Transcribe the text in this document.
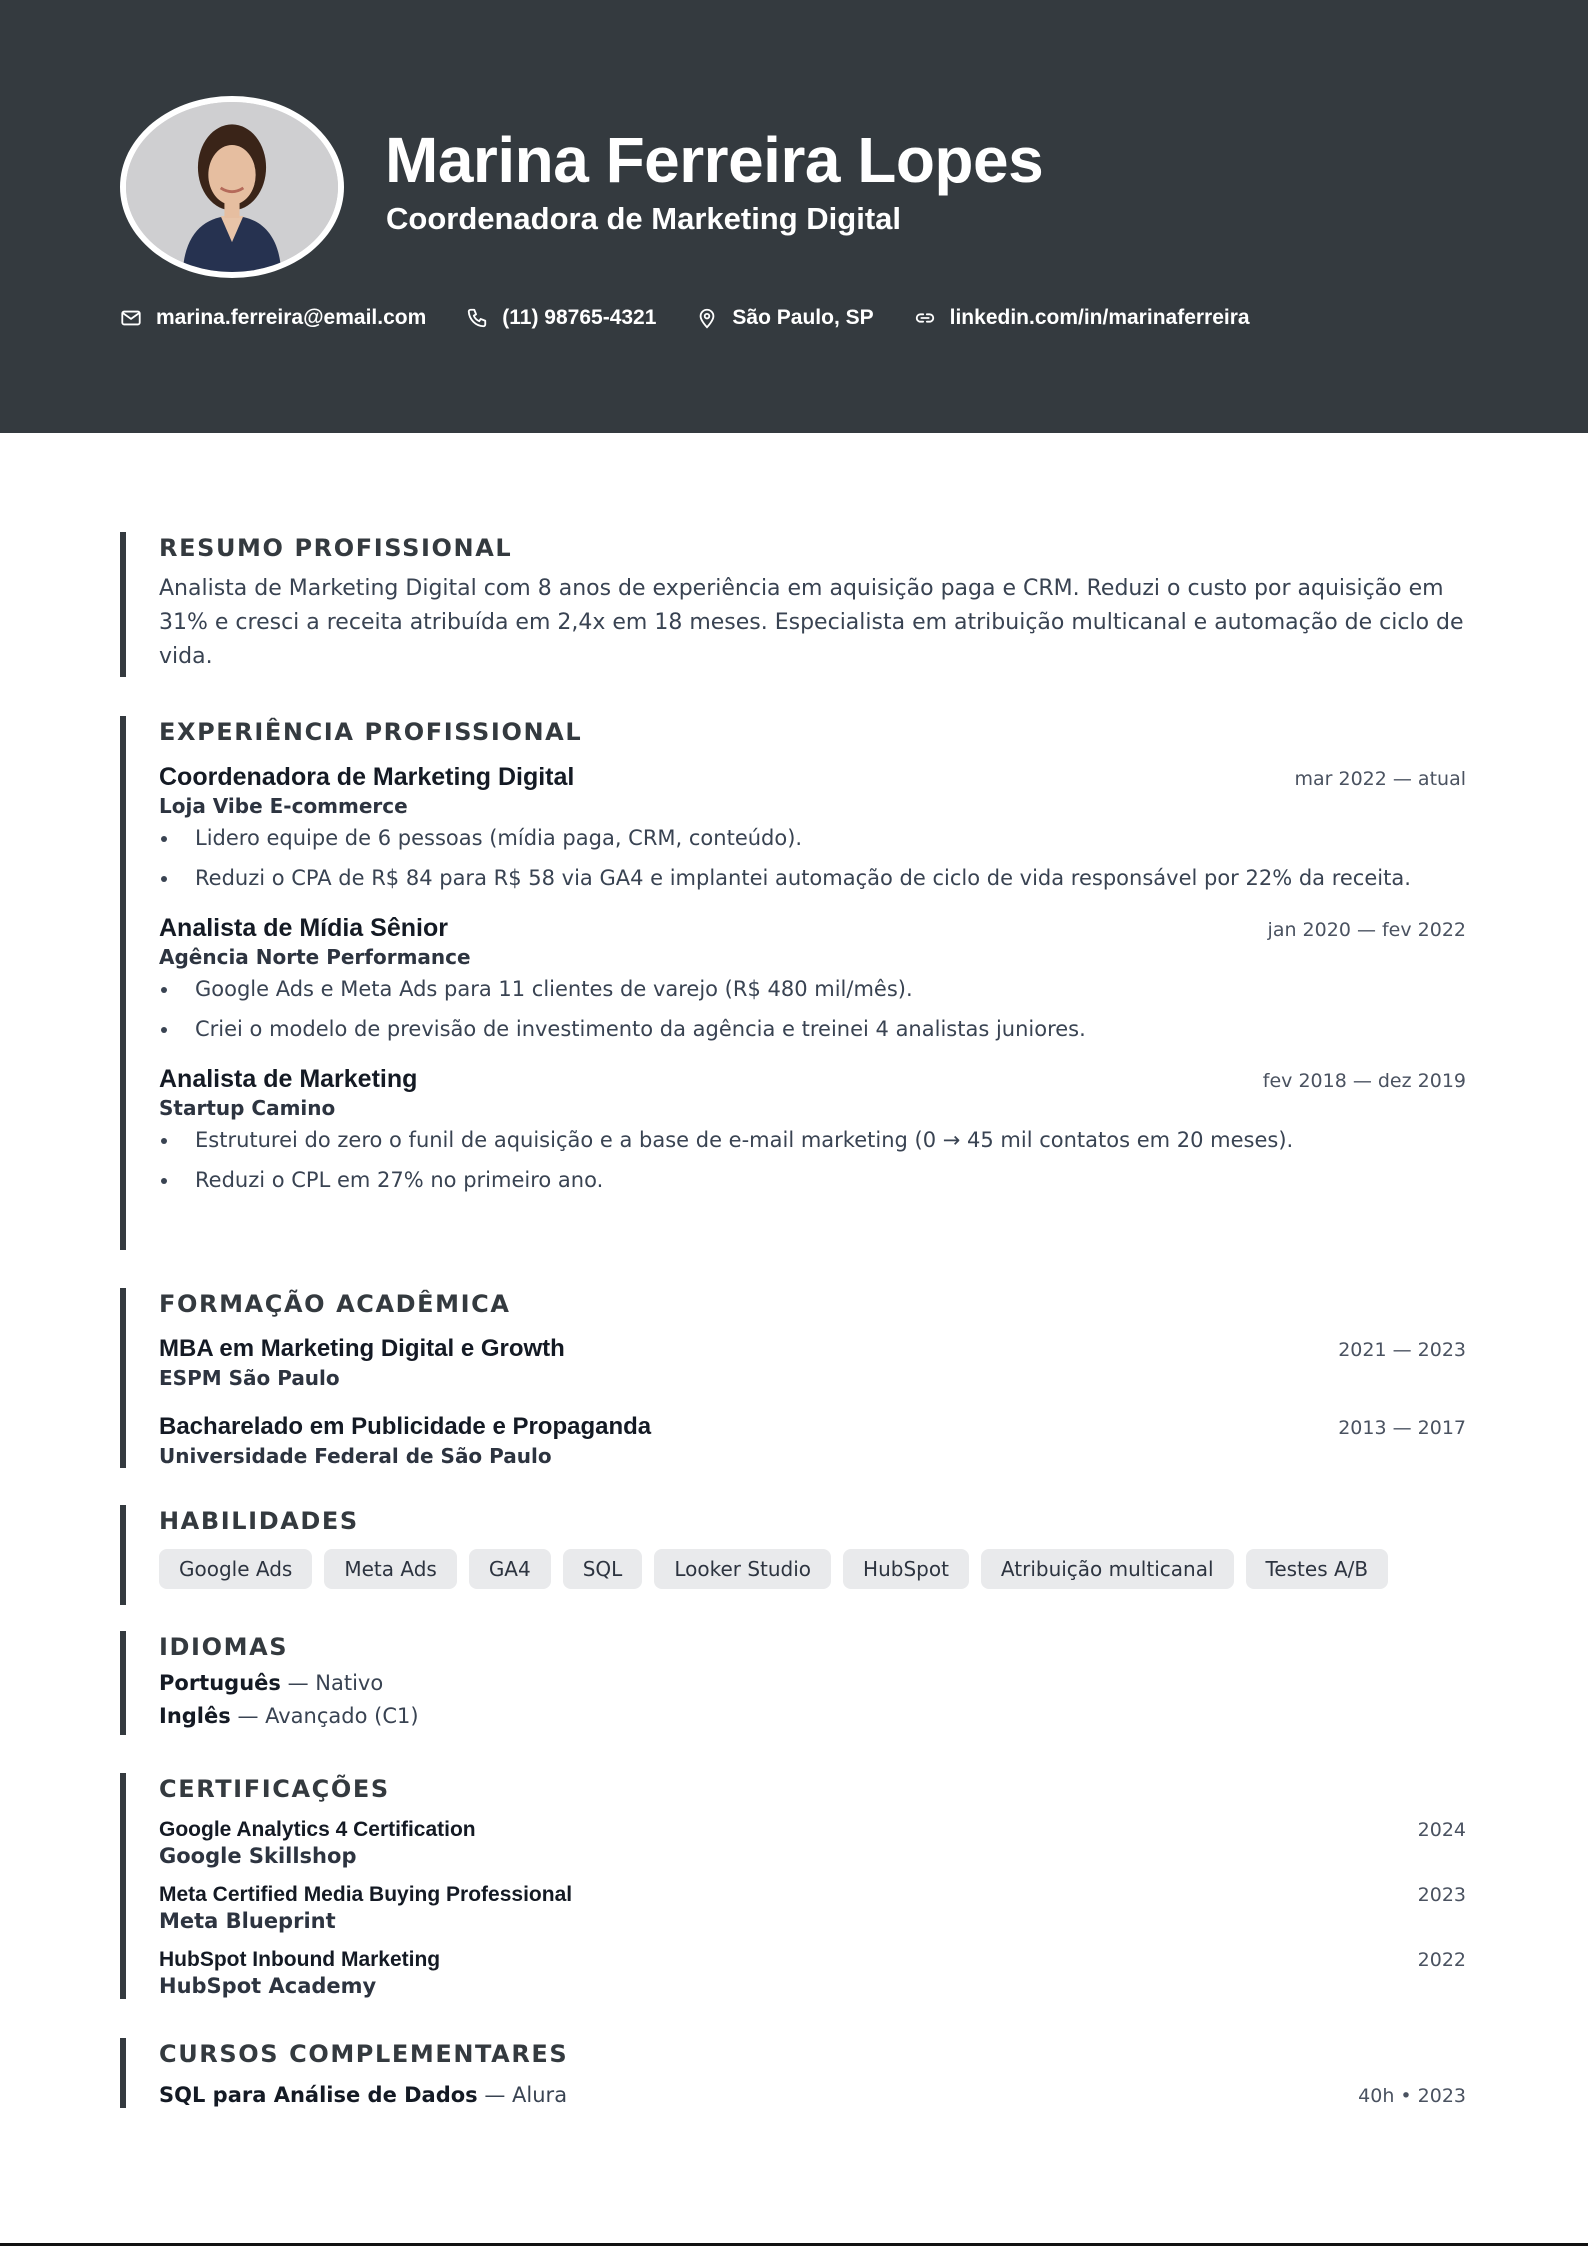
Marina Ferreira Lopes
Coordenadora de Marketing Digital
marina.ferreira@email.com	(11) 98765-4321	São Paulo, SP	linkedin.com/in/marinaferreira
RESUMO PROFISSIONAL

Analista de Marketing Digital com 8 anos de experiência em aquisição paga e CRM. Reduzi o custo por aquisição em 31% e cresci a receita atribuída em 2,4x em 18 meses. Especialista em atribuição multicanal e automação de ciclo de vida.

EXPERIÊNCIA PROFISSIONAL
Coordenadora de Marketing Digital	mar 2022 — atual
Loja Vibe E-commerce
Lidero equipe de 6 pessoas (mídia paga, CRM, conteúdo).
Reduzi o CPA de R$ 84 para R$ 58 via GA4 e implantei automação de ciclo de vida responsável por 22% da receita.
Analista de Mídia Sênior	jan 2020 — fev 2022
Agência Norte Performance
Google Ads e Meta Ads para 11 clientes de varejo (R$ 480 mil/mês).
Criei o modelo de previsão de investimento da agência e treinei 4 analistas juniores.
Analista de Marketing	fev 2018 — dez 2019
Startup Camino
Estruturei do zero o funil de aquisição e a base de e-mail marketing (0 → 45 mil contatos em 20 meses).
Reduzi o CPL em 27% no primeiro ano.
FORMAÇÃO ACADÊMICA
MBA em Marketing Digital e Growth	2021 — 2023
ESPM São Paulo
Bacharelado em Publicidade e Propaganda	2013 — 2017
Universidade Federal de São Paulo
HABILIDADES
Google Ads	Meta Ads	GA4	SQL	Looker Studio	HubSpot	Atribuição multicanal	Testes A/B
IDIOMAS
Português — Nativo
Inglês — Avançado (C1)
CERTIFICAÇÕES
Google Analytics 4 Certification	2024
Google Skillshop
Meta Certified Media Buying Professional	2023
Meta Blueprint
HubSpot Inbound Marketing	2022
HubSpot Academy
CURSOS COMPLEMENTARES
SQL para Análise de Dados — Alura	40h • 2023
